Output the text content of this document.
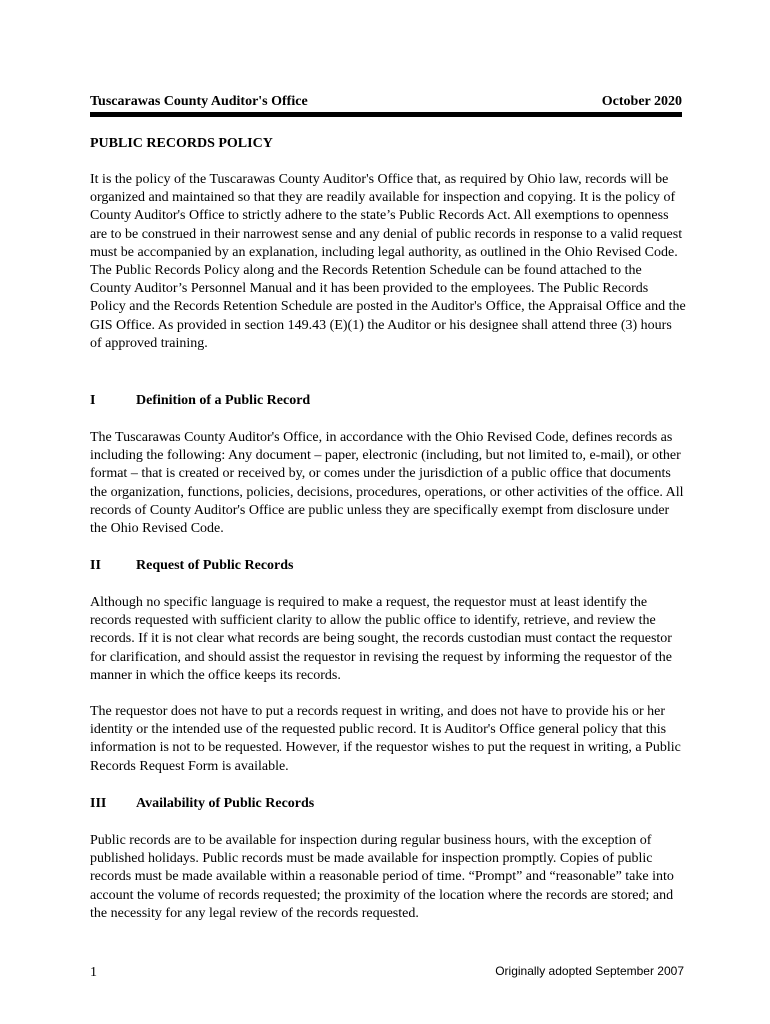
Tuscarawas County Auditor's Office	October 2020
PUBLIC RECORDS POLICY

It is the policy of the Tuscarawas County Auditor's Office that, as required by Ohio law, records will be organized and maintained so that they are readily available for inspection and copying. It is the policy of County Auditor's Office to strictly adhere to the state’s Public Records Act. All exemptions to openness are to be construed in their narrowest sense and any denial of public records in response to a valid request must be accompanied by an explanation, including legal authority, as outlined in the Ohio Revised Code. The Public Records Policy along and the Records Retention Schedule can be found attached to the County Auditor’s Personnel Manual and it has been provided to the employees. The Public Records Policy and the Records Retention Schedule are posted in the Auditor's Office, the Appraisal Office and the GIS Office. As provided in section 149.43 (E)(1) the Auditor or his designee shall attend three (3) hours of approved training.

I	Definition of a Public Record

The Tuscarawas County Auditor's Office, in accordance with the Ohio Revised Code, defines records as including the following: Any document – paper, electronic (including, but not limited to, e-mail), or other format – that is created or received by, or comes under the jurisdiction of a public office that documents the organization, functions, policies, decisions, procedures, operations, or other activities of the office. All records of County Auditor's Office are public unless they are specifically exempt from disclosure under the Ohio Revised Code.

II	Request of Public Records

Although no specific language is required to make a request, the requestor must at least identify the records requested with sufficient clarity to allow the public office to identify, retrieve, and review the records. If it is not clear what records are being sought, the records custodian must contact the requestor for clarification, and should assist the requestor in revising the request by informing the requestor of the manner in which the office keeps its records.

The requestor does not have to put a records request in writing, and does not have to provide his or her identity or the intended use of the requested public record. It is Auditor's Office general policy that this information is not to be requested. However, if the requestor wishes to put the request in writing, a Public Records Request Form is available.

III	Availability of Public Records

Public records are to be available for inspection during regular business hours, with the exception of published holidays. Public records must be made available for inspection promptly. Copies of public records must be made available within a reasonable period of time. “Prompt” and “reasonable” take into account the volume of records requested; the proximity of the location where the records are stored; and the necessity for any legal review of the records requested.

1	Originally adopted September 2007
